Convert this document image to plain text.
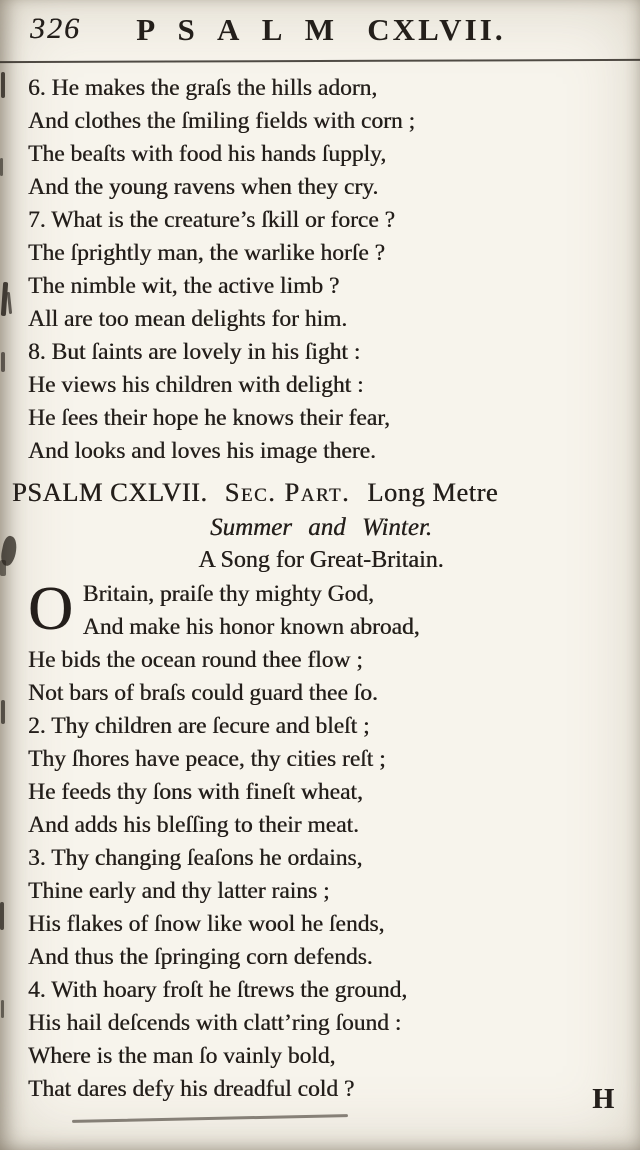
326	PSALM CXLVII.
6. He makes the graſs the hills adorn,
And clothes the ſmiling fields with corn ;
The beaſts with food his hands ſupply,
And the young ravens when they cry.
7. What is the creature’s ſkill or force ?
The ſprightly man, the warlike horſe ?
The nimble wit, the active limb ?
All are too mean delights for him.
8. But ſaints are lovely in his ſight :
He views his children with delight :
He ſees their hope he knows their fear,
And looks and loves his image there.
PSALM CXLVII. Sec. Part. Long Metre
Summer and Winter.
A Song for Great-Britain.
O Britain, praiſe thy mighty God,
And make his honor known abroad,
He bids the ocean round thee flow ;
Not bars of braſs could guard thee ſo.
2. Thy children are ſecure and bleſt ;
Thy ſhores have peace, thy cities reſt ;
He feeds thy ſons with fineſt wheat,
And adds his bleſſing to their meat.
3. Thy changing ſeaſons he ordains,
Thine early and thy latter rains ;
His flakes of ſnow like wool he ſends,
And thus the ſpringing corn defends.
4. With hoary froſt he ſtrews the ground,
His hail deſcends with clatt’ring ſound :
Where is the man ſo vainly bold,
That dares defy his dreadful cold ?	H
